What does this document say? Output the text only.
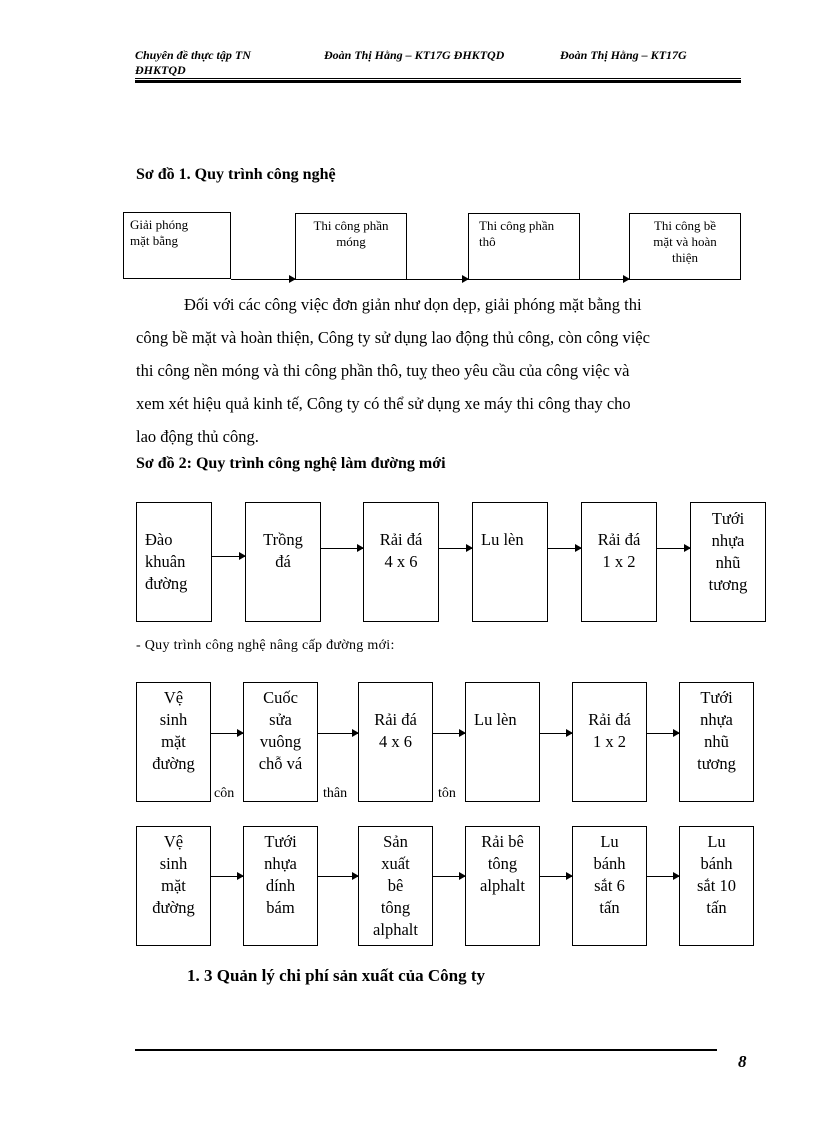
Chuyên đề thực tập TN
ĐHKTQD
Đoàn Thị Hằng – KT17G ĐHKTQD	Đoàn Thị Hằng – KT17G
Sơ đồ 1. Quy trình công nghệ
Giải phóng
mặt bằng
Thi công phần
móng
Thi công phần
thô
Thi công bề
mặt và hoàn
thiện
Đối với các công việc đơn giản như dọn dẹp, giải phóng mặt bằng thi
công bề mặt và hoàn thiện, Công ty sử dụng lao động thủ công, còn công việc
thi công nền móng và thi công phần thô, tuỵ theo yêu cầu của công việc và
xem xét hiệu quả kinh tế, Công ty có thể sử dụng xe máy thi công thay cho
lao động thủ công.
Sơ đồ 2: Quy trình công nghệ làm đường mới
Đào
khuân
đường
Trồng
đá
Rải đá
4 x 6
Lu lèn	Rải đá
1 x 2
Tưới
nhựa
nhũ
tương
- Quy trình công nghệ nâng cấp đường mới:
Vệ
sinh
mặt
đường
Cuốc
sửa
vuông
chỗ vá
Rải đá
4 x 6
Lu lèn	Rải đá
1 x 2
Tưới
nhựa
nhũ
tương
côn	thân	tôn
Vệ
sinh
mặt
đường
Tưới
nhựa
dính
bám
Sản
xuất
bê
tông
alphalt
Rải bê
tông
alphalt
Lu
bánh
sắt 6
tấn
Lu
bánh
sắt 10
tấn
1. 3 Quản lý chi phí sản xuất của Công ty
8
